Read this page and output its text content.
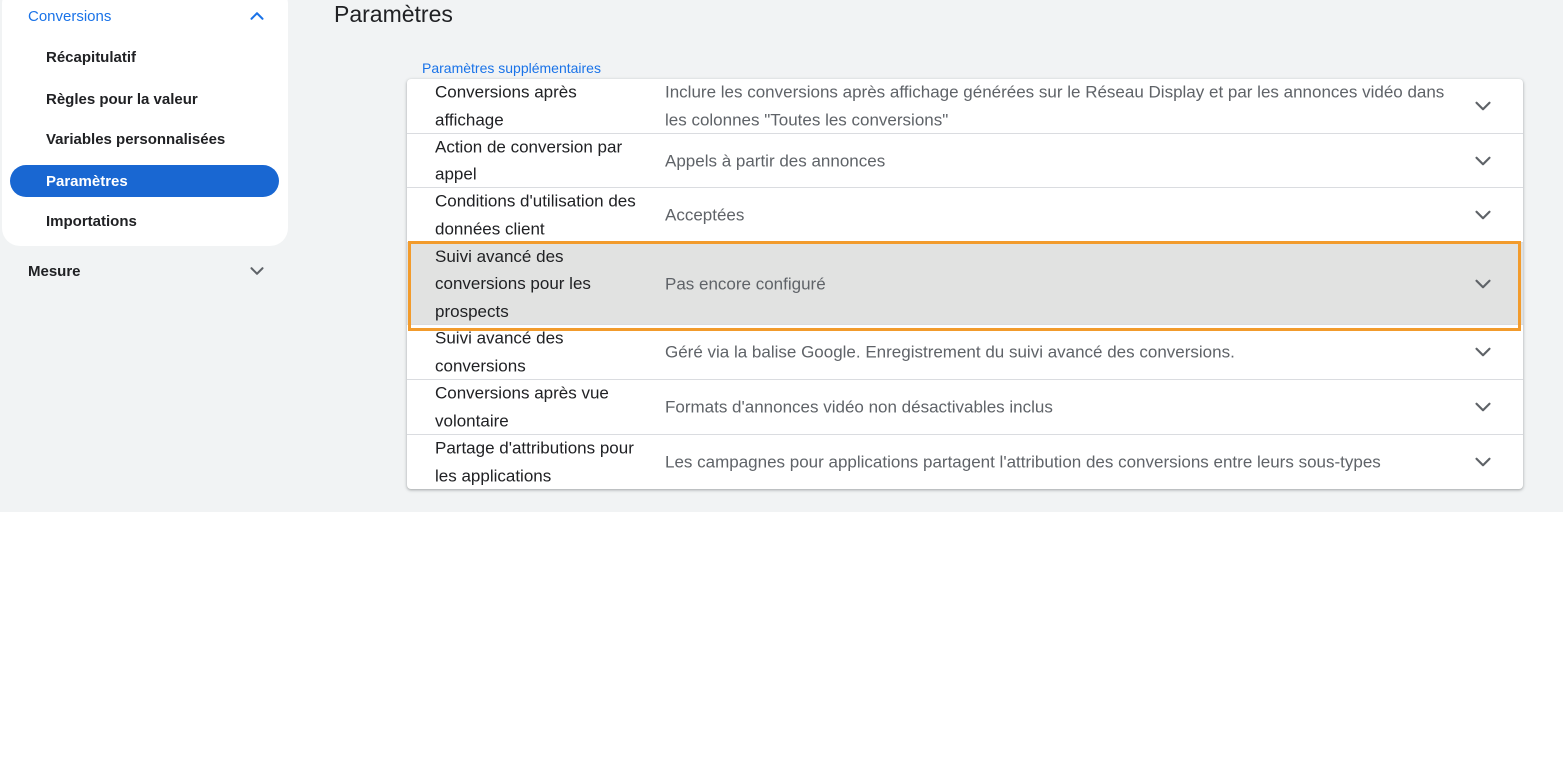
Conversions
Récapitulatif
Règles pour la valeur
Variables personnalisées
Paramètres
Importations
Mesure
Paramètres
Paramètres supplémentaires
Conversions après affichage
Inclure les conversions après affichage générées sur le Réseau Display et par les annonces vidéo dans les colonnes "Toutes les conversions"
Action de conversion par appel
Appels à partir des annonces
Conditions d'utilisation des données client
Acceptées
Suivi avancé des conversions pour les prospects
Pas encore configuré
Suivi avancé des conversions
Géré via la balise Google. Enregistrement du suivi avancé des conversions.
Conversions après vue volontaire
Formats d'annonces vidéo non désactivables inclus
Partage d'attributions pour les applications
Les campagnes pour applications partagent l'attribution des conversions entre leurs sous-types
